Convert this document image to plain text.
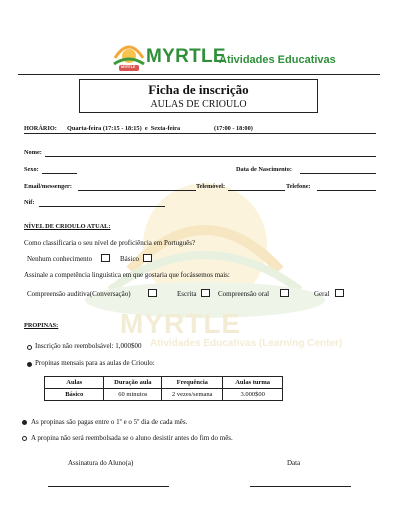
MYRTLE
Atividades Educativas (Learning Center)
MYRTLE MYRTLE
Atividades Educativas
Ficha de inscrição
AULAS DE CRIOULO
HORÁRIO: Quarta-feira (17:15 - 18:15)  e  Sexta-feira	(17:00 - 18:00)
Nome:
Sexo:	Data de Nascimento:
Email/messenger:	Telemóvel:	Telefone:
Nif:
NÍVEL DE CRIOULO ATUAL:
Como classificaria o seu nível de proficiência em Português?
Nenhum conhecimento	Básico
Assinale a competência linguística em que gostaria que focássemos mais:
Compreensão auditiva(Conversação)	Escrita	Compreensão oral	Geral
PROPINAS:
Inscrição não reembolsável: 1,000$00
Propinas mensais para as aulas de Crioulo:
Aulas	Duração aula	Frequência	Aulas turma
Básico	60 minutos	2 vezes/semana	3.000$00
As propinas são pagas entre o 1º e o 5º dia de cada mês.
A propina não será reembolsada se o aluno desistir antes do fim do mês.
Assinatura do Aluno(a)	Data
